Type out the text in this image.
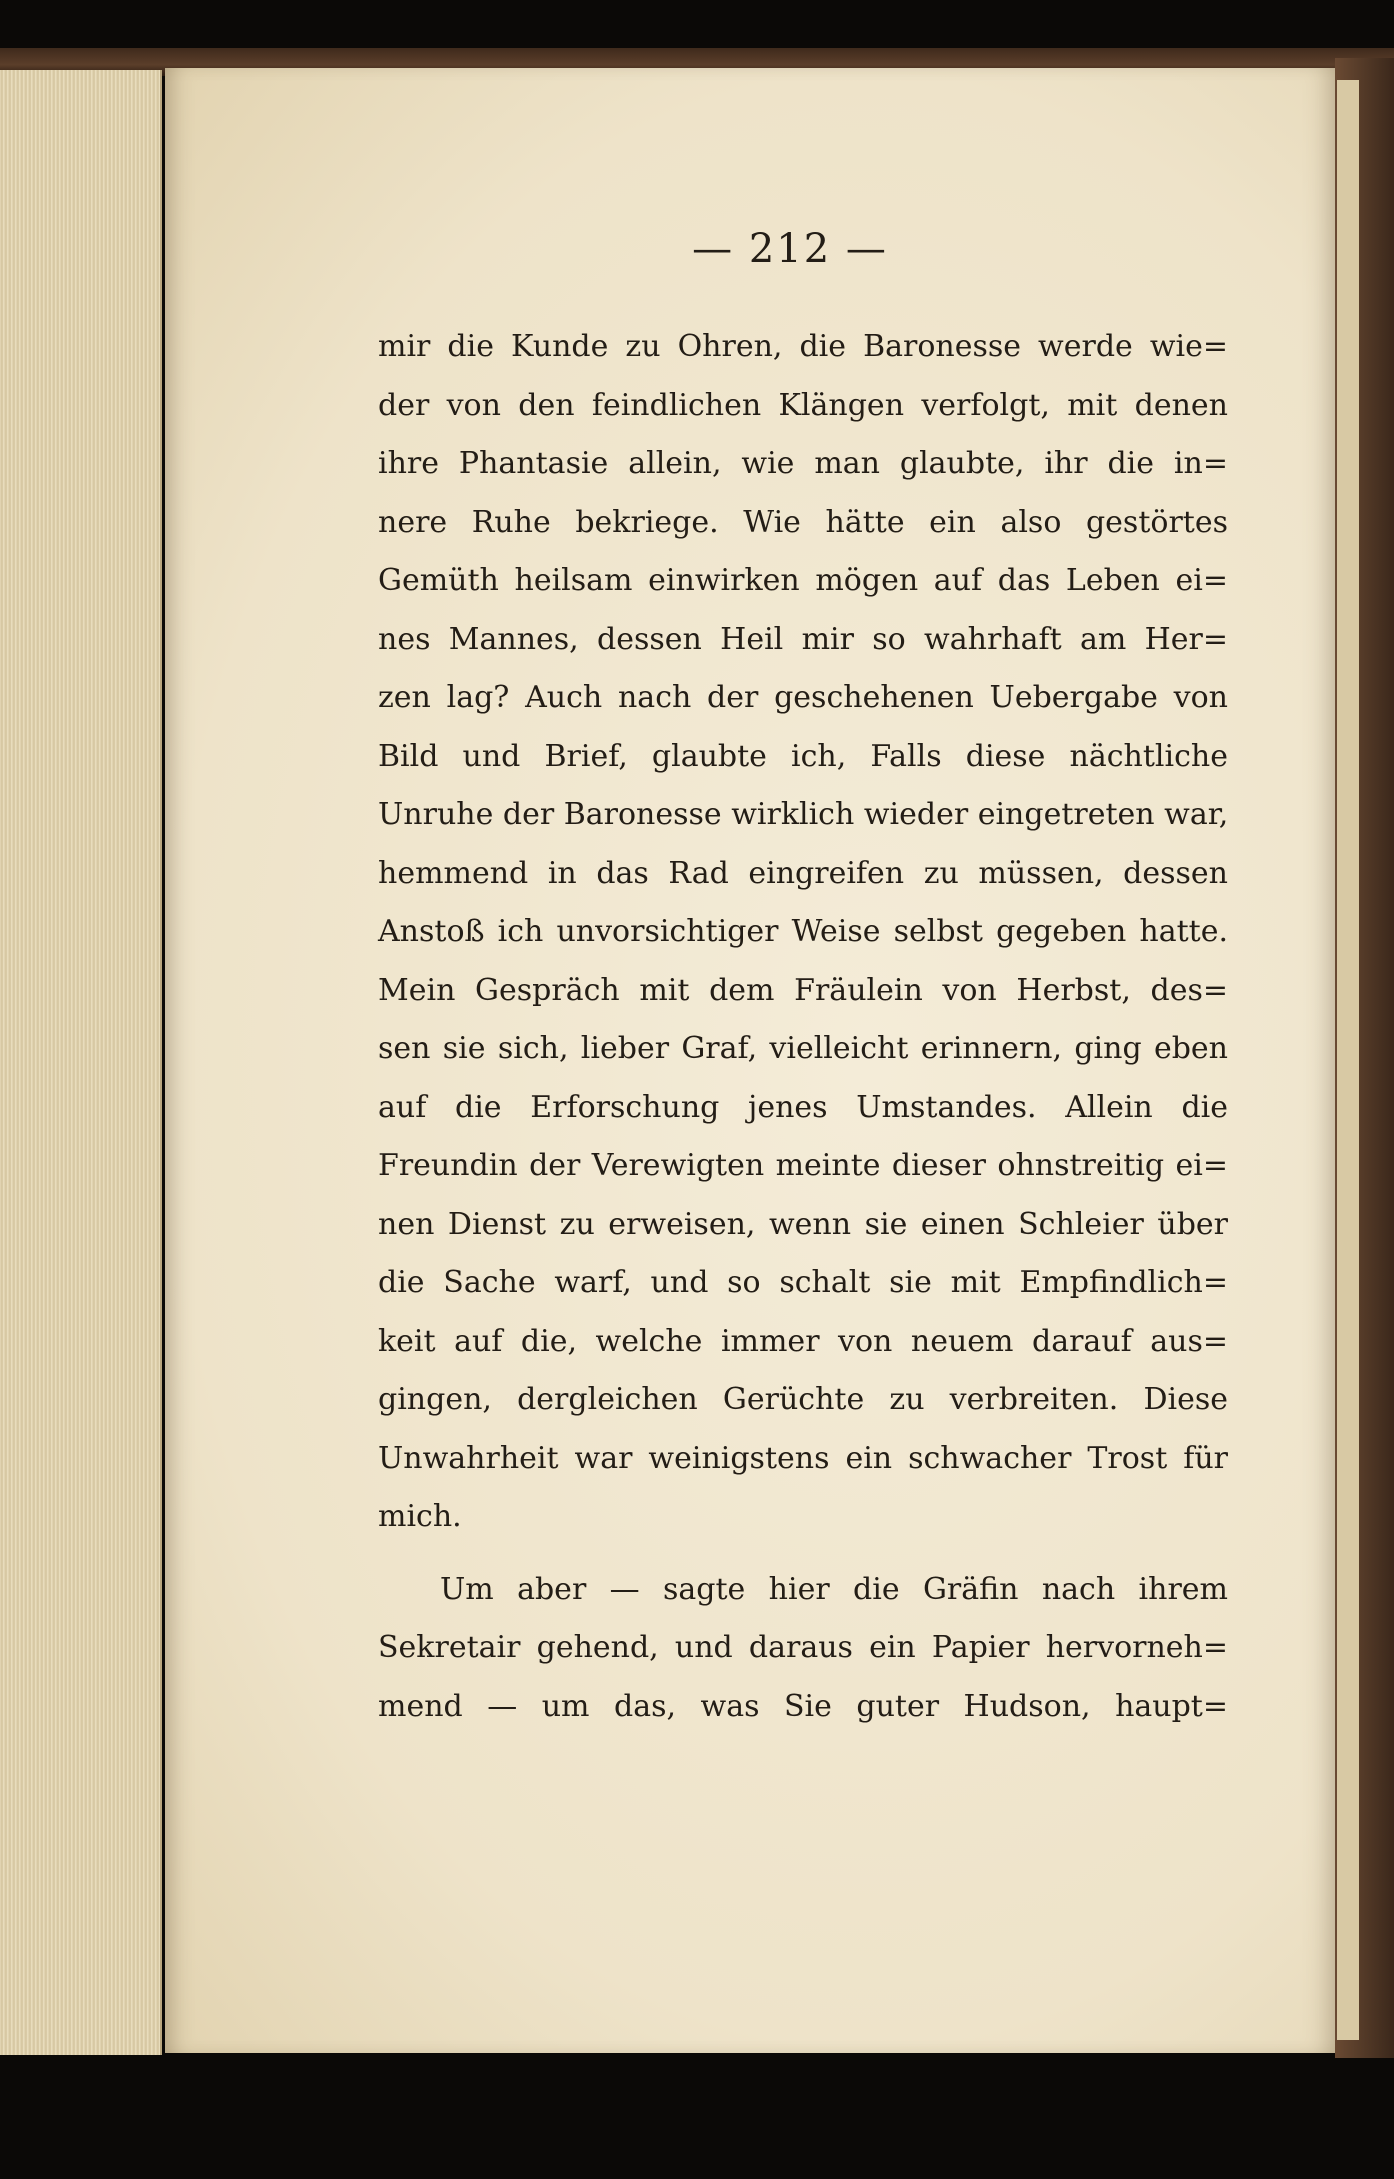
— 212 —
mir die Kunde zu Ohren, die Baronesse werde wie=
der von den feindlichen Klängen verfolgt, mit denen
ihre Phantasie allein, wie man glaubte, ihr die in=
nere Ruhe bekriege. Wie hätte ein also gestörtes
Gemüth heilsam einwirken mögen auf das Leben ei=
nes Mannes, dessen Heil mir so wahrhaft am Her=
zen lag? Auch nach der geschehenen Uebergabe von
Bild und Brief, glaubte ich, Falls diese nächtliche
Unruhe der Baronesse wirklich wieder eingetreten war,
hemmend in das Rad eingreifen zu müssen, dessen
Anstoß ich unvorsichtiger Weise selbst gegeben hatte.
Mein Gespräch mit dem Fräulein von Herbst, des=
sen sie sich, lieber Graf, vielleicht erinnern, ging eben
auf die Erforschung jenes Umstandes. Allein die
Freundin der Verewigten meinte dieser ohnstreitig ei=
nen Dienst zu erweisen, wenn sie einen Schleier über
die Sache warf, und so schalt sie mit Empfindlich=
keit auf die, welche immer von neuem darauf aus=
gingen, dergleichen Gerüchte zu verbreiten. Diese
Unwahrheit war weinigstens ein schwacher Trost für
mich.
Um aber — sagte hier die Gräfin nach ihrem
Sekretair gehend, und daraus ein Papier hervorneh=
mend — um das, was Sie guter Hudson, haupt=
